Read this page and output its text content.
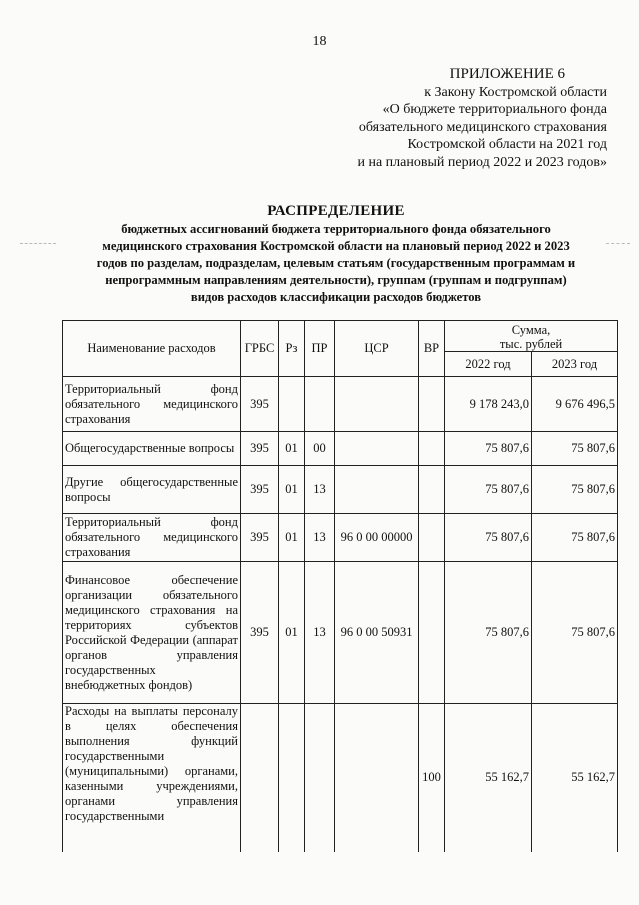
18
ПРИЛОЖЕНИЕ 6
к Закону Костромской области
«О бюджете территориального фонда
обязательного медицинского страхования
Костромской области на 2021 год
и на плановый период 2022 и 2023 годов»
РАСПРЕДЕЛЕНИЕ
бюджетных ассигнований бюджета территориального фонда обязательного
медицинского страхования Костромской области на плановый период 2022 и 2023
годов по разделам, подразделам, целевым статьям (государственным программам и
непрограммным направлениям деятельности), группам (группам и подгруппам)
видов расходов классификации расходов бюджетов
Наименование расходов	ГРБС	Рз	ПР	ЦСР	ВР	Сумма,
тыс. рублей	

						2022 год	2023 год
Территориальный фонд обязательного медицинского страхования	395					9 178 243,0	9 676 496,5
Общегосударственные вопросы	395	01	00			75 807,6	75 807,6
Другие общегосударственные вопросы	395	01	13			75 807,6	75 807,6
Территориальный фонд обязательного медицинского страхования	395	01	13	96 0 00 00000		75 807,6	75 807,6
Финансовое обеспечение организации обязательного медицинского страхования на территориях субъектов Российской Федерации (аппарат органов управления государственных внебюджетных фондов)	395	01	13	96 0 00 50931		75 807,6	75 807,6
Расходы на выплаты персоналу в целях обеспечения выполнения функций государственными (муниципальными) органами, казенными учреждениями, органами управления государственными					100	55 162,7	55 162,7
